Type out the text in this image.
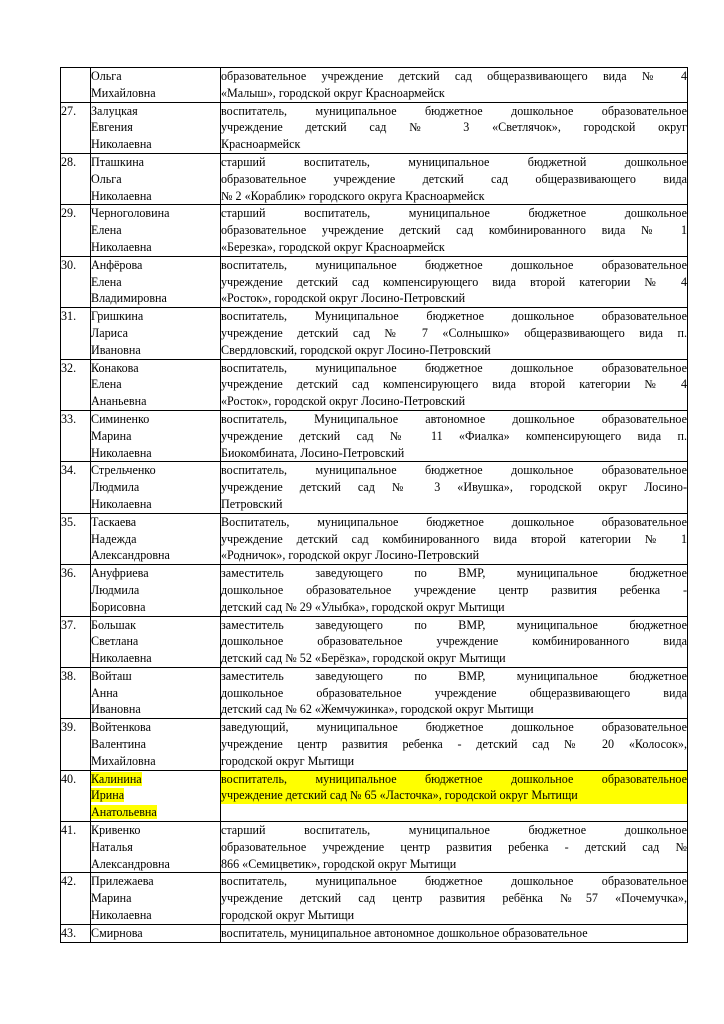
	Ольга
Михайловна	образовательное учреждение детский сад общеразвивающего вида № 4
«Малыш», городской округ Красноармейск

27.	Залуцкая
Евгения
Николаевна	воспитатель, муниципальное бюджетное дошкольное образовательное
учреждение детский сад № 3 «Светлячок», городской округ
Красноармейск

28.	Пташкина
Ольга
Николаевна	старший воспитатель, муниципальное бюджетной дошкольное
образовательное учреждение детский сад общеразвивающего вида
№ 2 «Кораблик» городского округа Красноармейск

29.	Черноголовина
Елена
Николаевна	старший воспитатель, муниципальное бюджетное дошкольное
образовательное учреждение детский сад комбинированного вида № 1
«Березка», городской округ Красноармейск

30.	Анфёрова
Елена
Владимировна	воспитатель, муниципальное бюджетное дошкольное образовательное
учреждение детский сад компенсирующего вида второй категории № 4
«Росток», городской округ Лосино-Петровский

31.	Гришкина
Лариса
Ивановна	воспитатель, Муниципальное бюджетное дошкольное образовательное
учреждение детский сад № 7 «Солнышко» общеразвивающего вида п.
Свердловский, городской округ Лосино-Петровский

32.	Конакова
Елена
Ананьевна	воспитатель, муниципальное бюджетное дошкольное образовательное
учреждение детский сад компенсирующего вида второй категории № 4
«Росток», городской округ Лосино-Петровский

33.	Симиненко
Марина
Николаевна	воспитатель, Муниципальное автономное дошкольное образовательное
учреждение детский сад № 11 «Фиалка» компенсирующего вида п.
Биокомбината, Лосино-Петровский

34.	Стрельченко
Людмила
Николаевна	воспитатель, муниципальное бюджетное дошкольное образовательное
учреждение детский сад № 3 «Ивушка», городской округ Лосино-
Петровский

35.	Таскаева
Надежда
Александровна	Воспитатель, муниципальное бюджетное дошкольное образовательное
учреждение детский сад комбинированного вида второй категории № 1
«Родничок», городской округ Лосино-Петровский

36.	Ануфриева
Людмила
Борисовна	заместитель заведующего по ВМР, муниципальное бюджетное
дошкольное образовательное учреждение центр развития ребенка -
детский сад № 29 «Улыбка», городской округ Мытищи

37.	Большак
Светлана
Николаевна	заместитель заведующего по ВМР, муниципальное бюджетное
дошкольное образовательное учреждение комбинированного вида
детский сад № 52 «Берёзка», городской округ Мытищи

38.	Войташ
Анна
Ивановна	заместитель заведующего по ВМР, муниципальное бюджетное
дошкольное образовательное учреждение общеразвивающего вида
детский сад № 62 «Жемчужинка», городской округ Мытищи

39.	Войтенкова
Валентина
Михайловна	заведующий, муниципальное бюджетное дошкольное образовательное
учреждение центр развития ребенка - детский сад № 20 «Колосок»,
городской округ Мытищи

40.	Калинина
Ирина
Анатольевна	воспитатель, муниципальное бюджетное дошкольное образовательное
учреждение детский сад № 65 «Ласточка», городской округ Мытищи

41.	Кривенко
Наталья
Александровна	старший воспитатель, муниципальное бюджетное дошкольное
образовательное учреждение центр развития ребенка - детский сад №
866 «Семицветик», городской округ Мытищи

42.	Прилежаева
Марина
Николаевна	воспитатель, муниципальное бюджетное дошкольное образовательное
учреждение детский сад центр развития ребёнка №57 «Почемучка»,
городской округ Мытищи

43.	Смирнова	воспитатель, муниципальное автономное дошкольное образовательное
